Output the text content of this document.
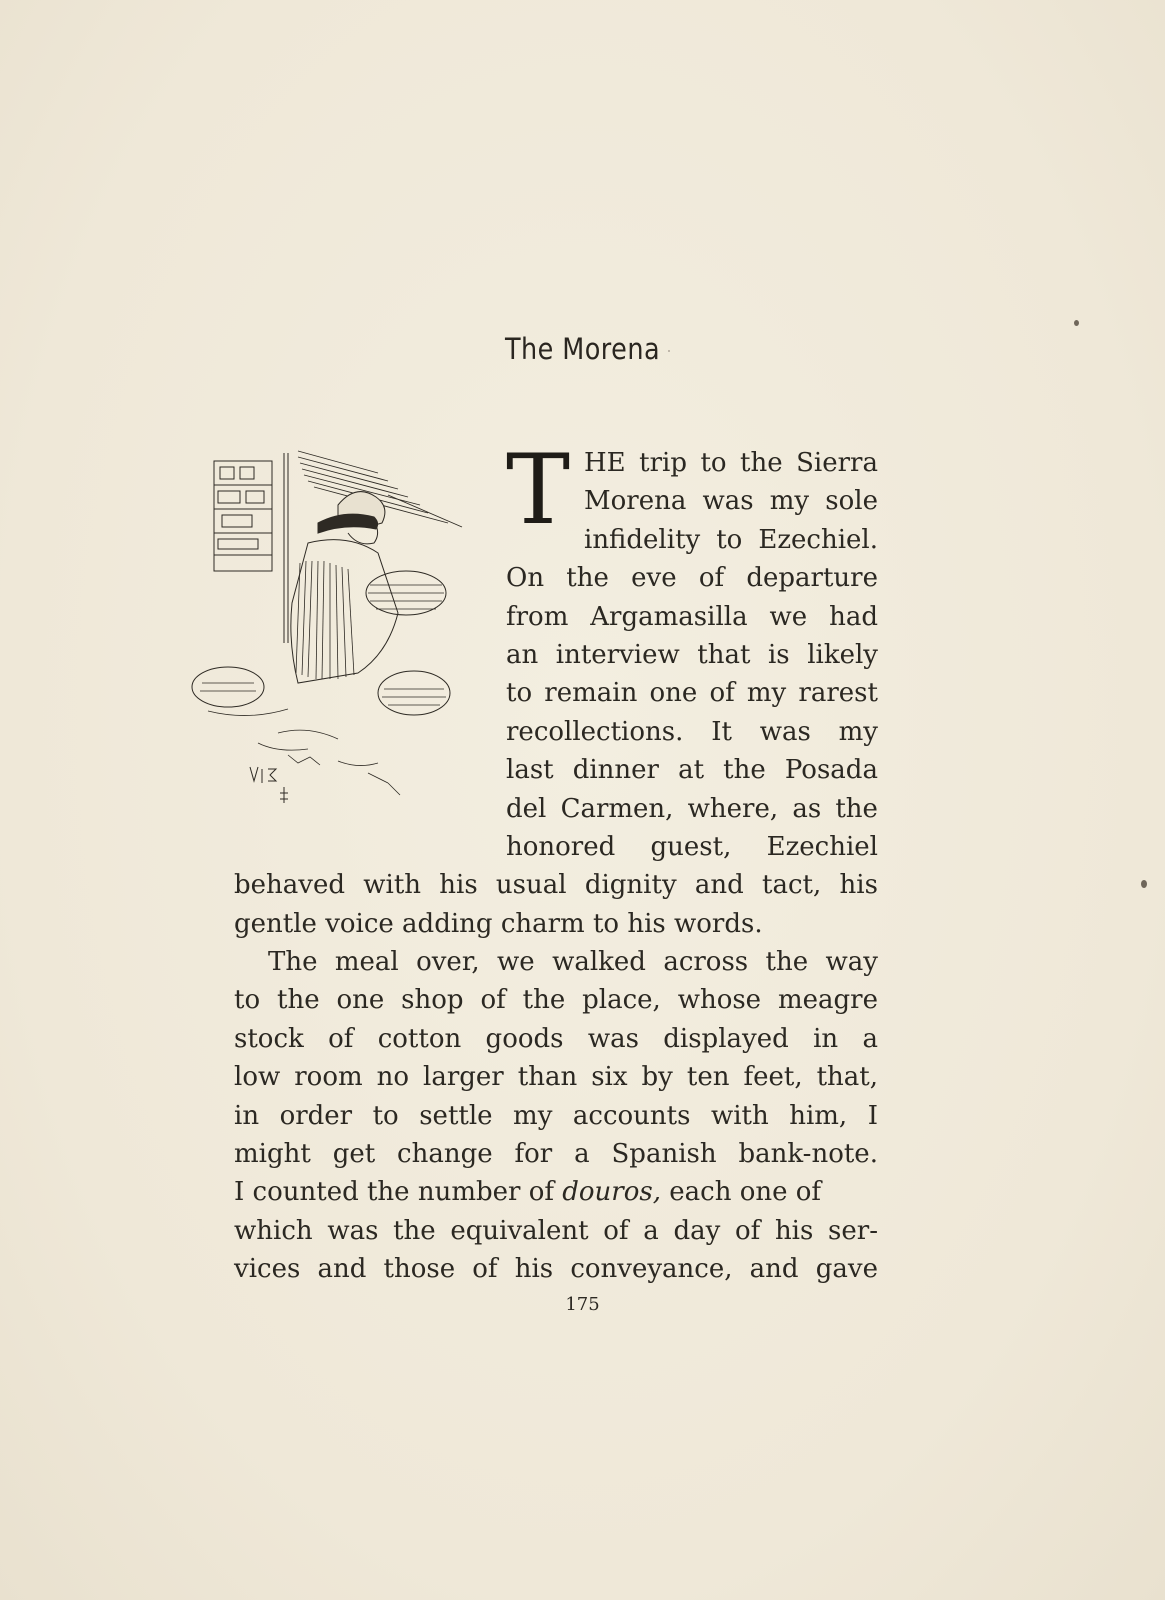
The Morena
T HE trip to the Sierra
Morena was my sole
infidelity to Ezechiel.
On the eve of departure
from Argamasilla we had
an interview that is likely
to remain one of my rarest
recollections. It was my
last dinner at the Posada
del Carmen, where, as the
honored guest, Ezechiel
behaved with his usual dignity and tact, his
gentle voice adding charm to his words.
The meal over, we walked across the way
to the one shop of the place, whose meagre
stock of cotton goods was displayed in a
low room no larger than six by ten feet, that,
in order to settle my accounts with him, I
might get change for a Spanish bank-note.
I counted the number of
douros,
each one of
which was the equivalent of a day of his ser-
vices and those of his conveyance, and gave
175
